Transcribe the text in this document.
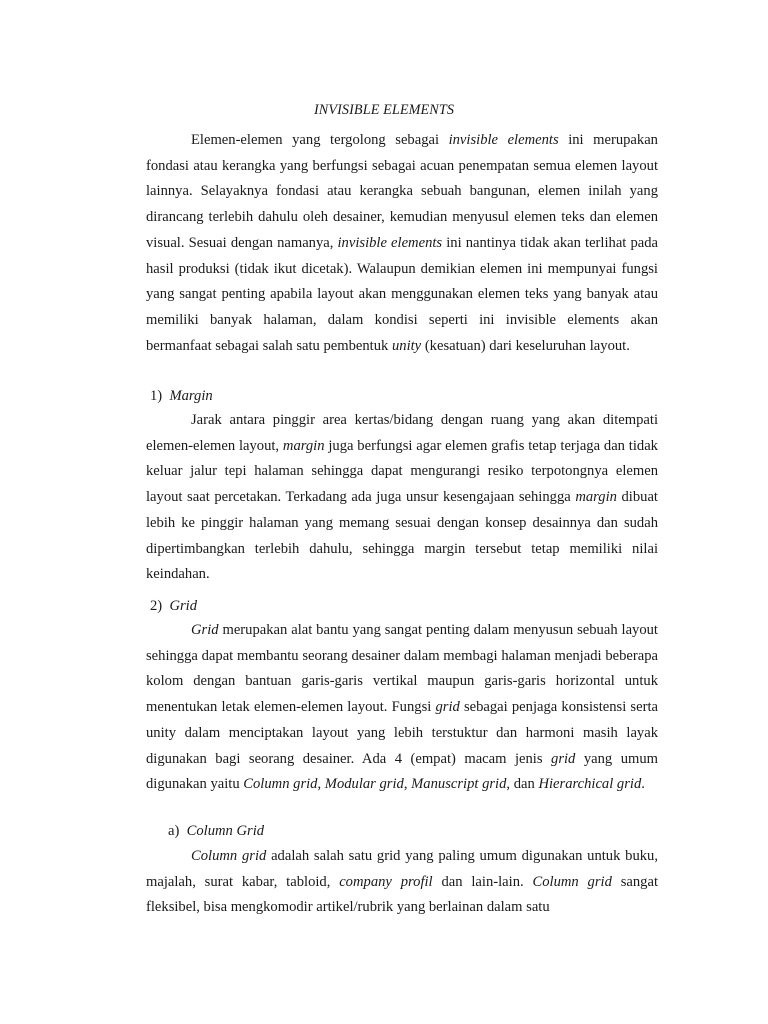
INVISIBLE ELEMENTS

Elemen-elemen yang tergolong sebagai invisible elements ini merupakan fondasi atau kerangka yang berfungsi sebagai acuan penempatan semua elemen layout lainnya. Selayaknya fondasi atau kerangka sebuah bangunan, elemen inilah yang dirancang terlebih dahulu oleh desainer, kemudian menyusul elemen teks dan elemen visual. Sesuai dengan namanya, invisible elements ini nantinya tidak akan terlihat pada hasil produksi (tidak ikut dicetak). Walaupun demikian elemen ini mempunyai fungsi yang sangat penting apabila layout akan menggunakan elemen teks yang banyak atau memiliki banyak halaman, dalam kondisi seperti ini invisible elements akan bermanfaat sebagai salah satu pembentuk unity (kesatuan) dari keseluruhan layout.

1) Margin

Jarak antara pinggir area kertas/bidang dengan ruang yang akan ditempati elemen-elemen layout, margin juga berfungsi agar elemen grafis tetap terjaga dan tidak keluar jalur tepi halaman sehingga dapat mengurangi resiko terpotongnya elemen layout saat percetakan. Terkadang ada juga unsur kesengajaan sehingga margin dibuat lebih ke pinggir halaman yang memang sesuai dengan konsep desainnya dan sudah dipertimbangkan terlebih dahulu, sehingga margin tersebut tetap memiliki nilai keindahan.

2) Grid

Grid merupakan alat bantu yang sangat penting dalam menyusun sebuah layout sehingga dapat membantu seorang desainer dalam membagi halaman menjadi beberapa kolom dengan bantuan garis-garis vertikal maupun garis-garis horizontal untuk menentukan letak elemen-elemen layout. Fungsi grid sebagai penjaga konsistensi serta unity dalam menciptakan layout yang lebih terstuktur dan harmoni masih layak digunakan bagi seorang desainer. Ada 4 (empat) macam jenis grid yang umum digunakan yaitu Column grid, Modular grid, Manuscript grid, dan Hierarchical grid.

a) Column Grid

Column grid adalah salah satu grid yang paling umum digunakan untuk buku, majalah, surat kabar, tabloid, company profil dan lain-lain. Column grid sangat fleksibel, bisa mengkomodir artikel/rubrik yang berlainan dalam satu
